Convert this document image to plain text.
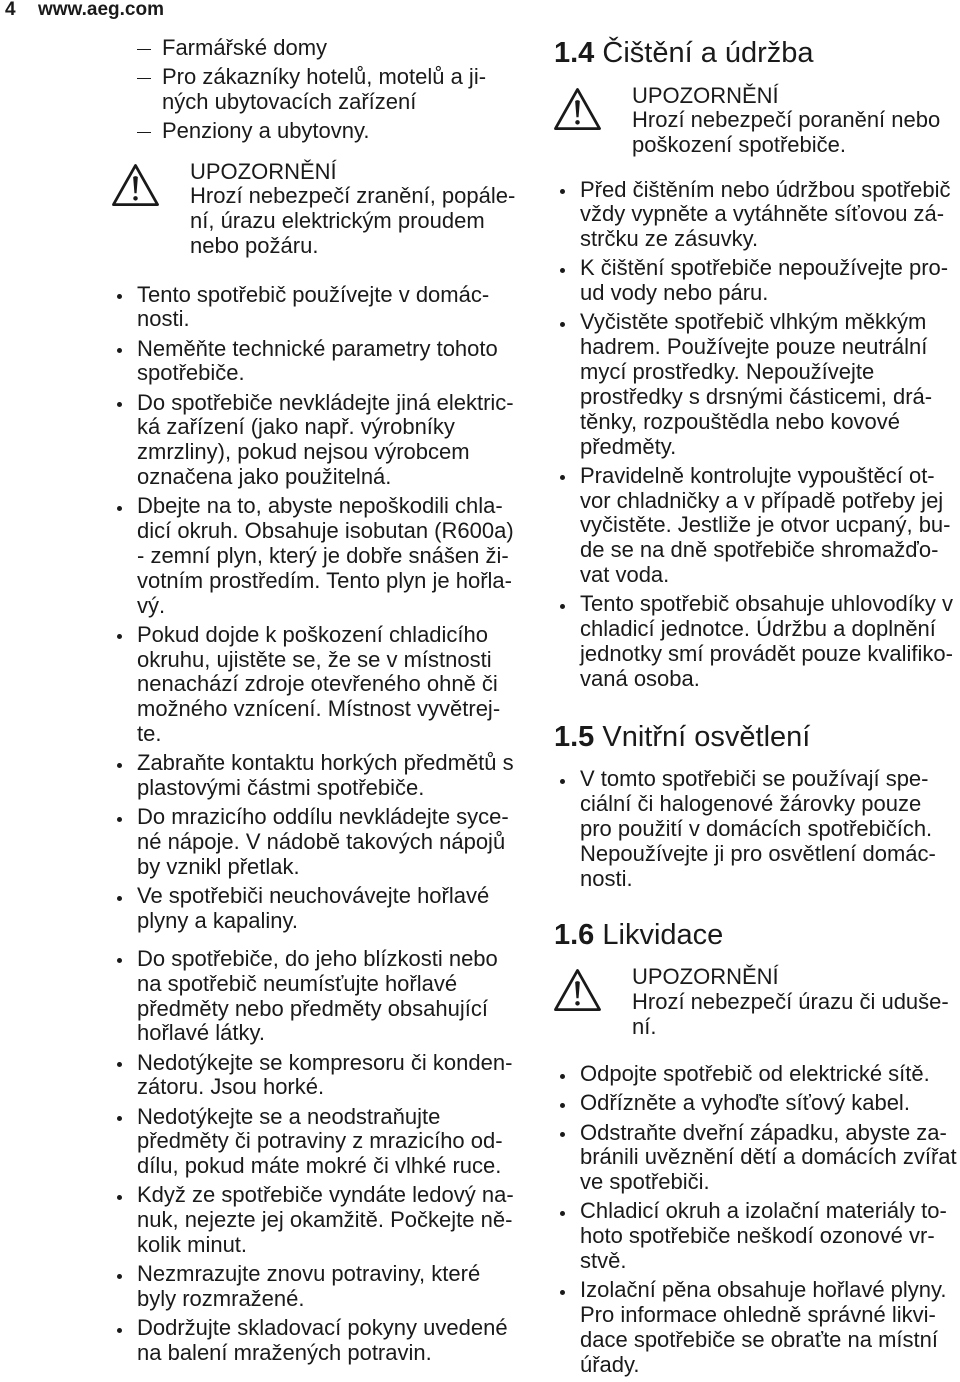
4 www.aeg.com
Farmářské domy
Pro zákazníky hotelů, motelů a ji-
ných ubytovacích zařízení
Penziony a ubytovny.
UPOZORNĚNÍ
Hrozí nebezpečí zranění, popále-
ní, úrazu elektrickým proudem
nebo požáru.
Tento spotřebič používejte v domác-
nosti.
Neměňte technické parametry tohoto
spotřebiče.
Do spotřebiče nevkládejte jiná elektric-
ká zařízení (jako např. výrobníky
zmrzliny), pokud nejsou výrobcem
označena jako použitelná.
Dbejte na to, abyste nepoškodili chla-
dicí okruh. Obsahuje isobutan (R600a)
- zemní plyn, který je dobře snášen ži-
votním prostředím. Tento plyn je hořla-
vý.
Pokud dojde k poškození chladicího
okruhu, ujistěte se, že se v místnosti
nenachází zdroje otevřeného ohně či
možného vznícení. Místnost vyvětrej-
te.
Zabraňte kontaktu horkých předmětů s
plastovými částmi spotřebiče.
Do mrazicího oddílu nevkládejte syce-
né nápoje. V nádobě takových nápojů
by vznikl přetlak.
Ve spotřebiči neuchovávejte hořlavé
plyny a kapaliny.
Do spotřebiče, do jeho blízkosti nebo
na spotřebič neumísťujte hořlavé
předměty nebo předměty obsahující
hořlavé látky.
Nedotýkejte se kompresoru či konden-
zátoru. Jsou horké.
Nedotýkejte se a neodstraňujte
předměty či potraviny z mrazicího od-
dílu, pokud máte mokré či vlhké ruce.
Když ze spotřebiče vyndáte ledový na-
nuk, nejezte jej okamžitě. Počkejte ně-
kolik minut.
Nezmrazujte znovu potraviny, které
byly rozmražené.
Dodržujte skladovací pokyny uvedené
na balení mražených potravin.
1.4 Čištění a údržba
UPOZORNĚNÍ
Hrozí nebezpečí poranění nebo
poškození spotřebiče.
Před čištěním nebo údržbou spotřebič
vždy vypněte a vytáhněte síťovou zá-
strčku ze zásuvky.
K čištění spotřebiče nepoužívejte pro-
ud vody nebo páru.
Vyčistěte spotřebič vlhkým měkkým
hadrem. Používejte pouze neutrální
mycí prostředky. Nepoužívejte
prostředky s drsnými částicemi, drá-
těnky, rozpouštědla nebo kovové
předměty.
Pravidelně kontrolujte vypouštěcí ot-
vor chladničky a v případě potřeby jej
vyčistěte. Jestliže je otvor ucpaný, bu-
de se na dně spotřebiče shromažďo-
vat voda.
Tento spotřebič obsahuje uhlovodíky v
chladicí jednotce. Údržbu a doplnění
jednotky smí provádět pouze kvalifiko-
vaná osoba.
1.5 Vnitřní osvětlení
V tomto spotřebiči se používají spe-
ciální či halogenové žárovky pouze
pro použití v domácích spotřebičích.
Nepoužívejte ji pro osvětlení domác-
nosti.
1.6 Likvidace
UPOZORNĚNÍ
Hrozí nebezpečí úrazu či uduše-
ní.
Odpojte spotřebič od elektrické sítě.
Odřízněte a vyhoďte síťový kabel.
Odstraňte dveřní západku, abyste za-
bránili uvěznění dětí a domácích zvířat
ve spotřebiči.
Chladicí okruh a izolační materiály to-
hoto spotřebiče neškodí ozonové vr-
stvě.
Izolační pěna obsahuje hořlavé plyny.
Pro informace ohledně správné likvi-
dace spotřebiče se obraťte na místní
úřady.
